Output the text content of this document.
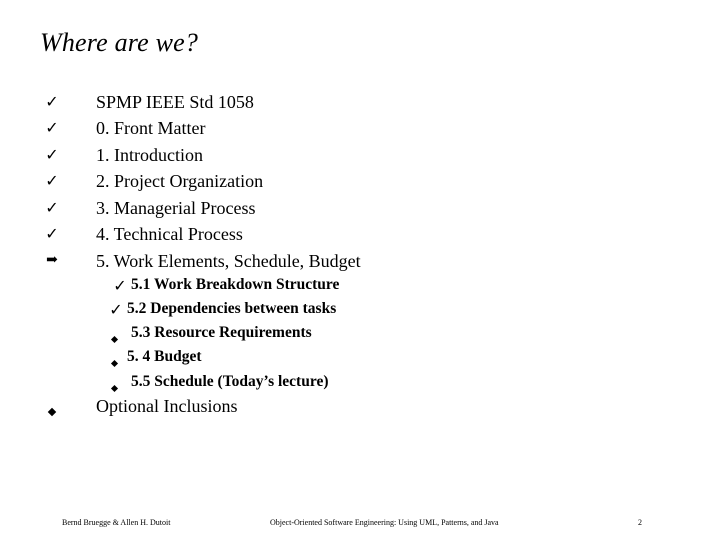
Where are we?
✓ SPMP IEEE Std 1058
✓ 0. Front Matter
✓ 1. Introduction
✓ 2. Project Organization
✓ 3. Managerial Process
✓ 4. Technical Process
➡ 5. Work Elements, Schedule, Budget
✓ 5.1 Work Breakdown Structure
✓ 5.2 Dependencies between tasks
5.3 Resource Requirements
5. 4 Budget
5.5 Schedule (Today’s lecture)
Optional Inclusions
Bernd Bruegge & Allen H. Dutoit	Object-Oriented Software Engineering: Using UML, Patterns, and Java	2
